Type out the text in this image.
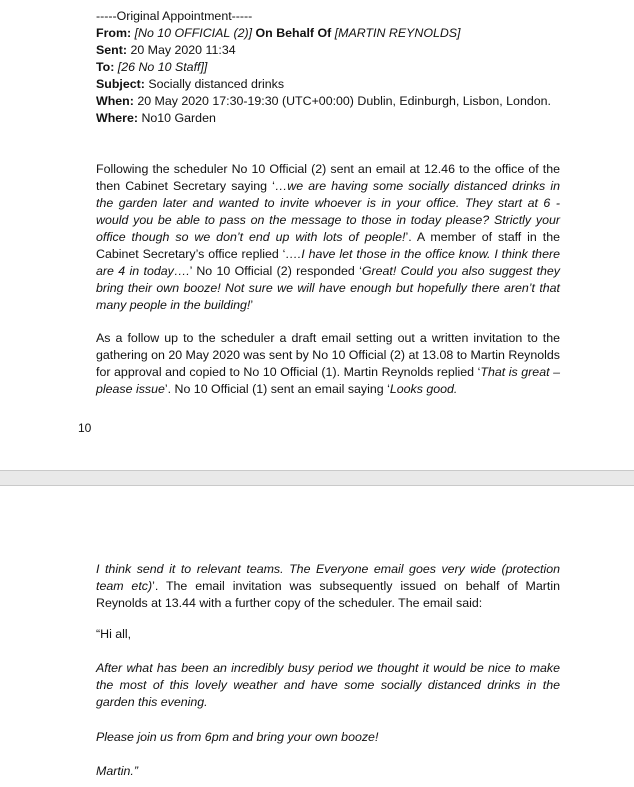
-----Original Appointment-----
From: [No 10 OFFICIAL (2)] On Behalf Of [MARTIN REYNOLDS]
Sent: 20 May 2020 11:34
To: [26 No 10 Staff]]
Subject: Socially distanced drinks
When: 20 May 2020 17:30-19:30 (UTC+00:00) Dublin, Edinburgh, Lisbon, London.
Where: No10 Garden
Following the scheduler No 10 Official (2) sent an email at 12.46 to the office of the then Cabinet Secretary saying ‘…we are having some socially distanced drinks in the garden later and wanted to invite whoever is in your office. They start at 6 - would you be able to pass on the message to those in today please? Strictly your office though so we don’t end up with lots of people!’. A member of staff in the Cabinet Secretary’s office replied ‘….I have let those in the office know. I think there are 4 in today….’ No 10 Official (2) responded ‘Great! Could you also suggest they bring their own booze! Not sure we will have enough but hopefully there aren’t that many people in the building!’
As a follow up to the scheduler a draft email setting out a written invitation to the gathering on 20 May 2020 was sent by No 10 Official (2) at 13.08 to Martin Reynolds for approval and copied to No 10 Official (1). Martin Reynolds replied ‘That is great – please issue’. No 10 Official (1) sent an email saying ‘Looks good.
10
I think send it to relevant teams. The Everyone email goes very wide (protection team etc)’. The email invitation was subsequently issued on behalf of Martin Reynolds at 13.44 with a further copy of the scheduler. The email said:
“Hi all,
After what has been an incredibly busy period we thought it would be nice to make the most of this lovely weather and have some socially distanced drinks in the garden this evening.
Please join us from 6pm and bring your own booze!
Martin.”
